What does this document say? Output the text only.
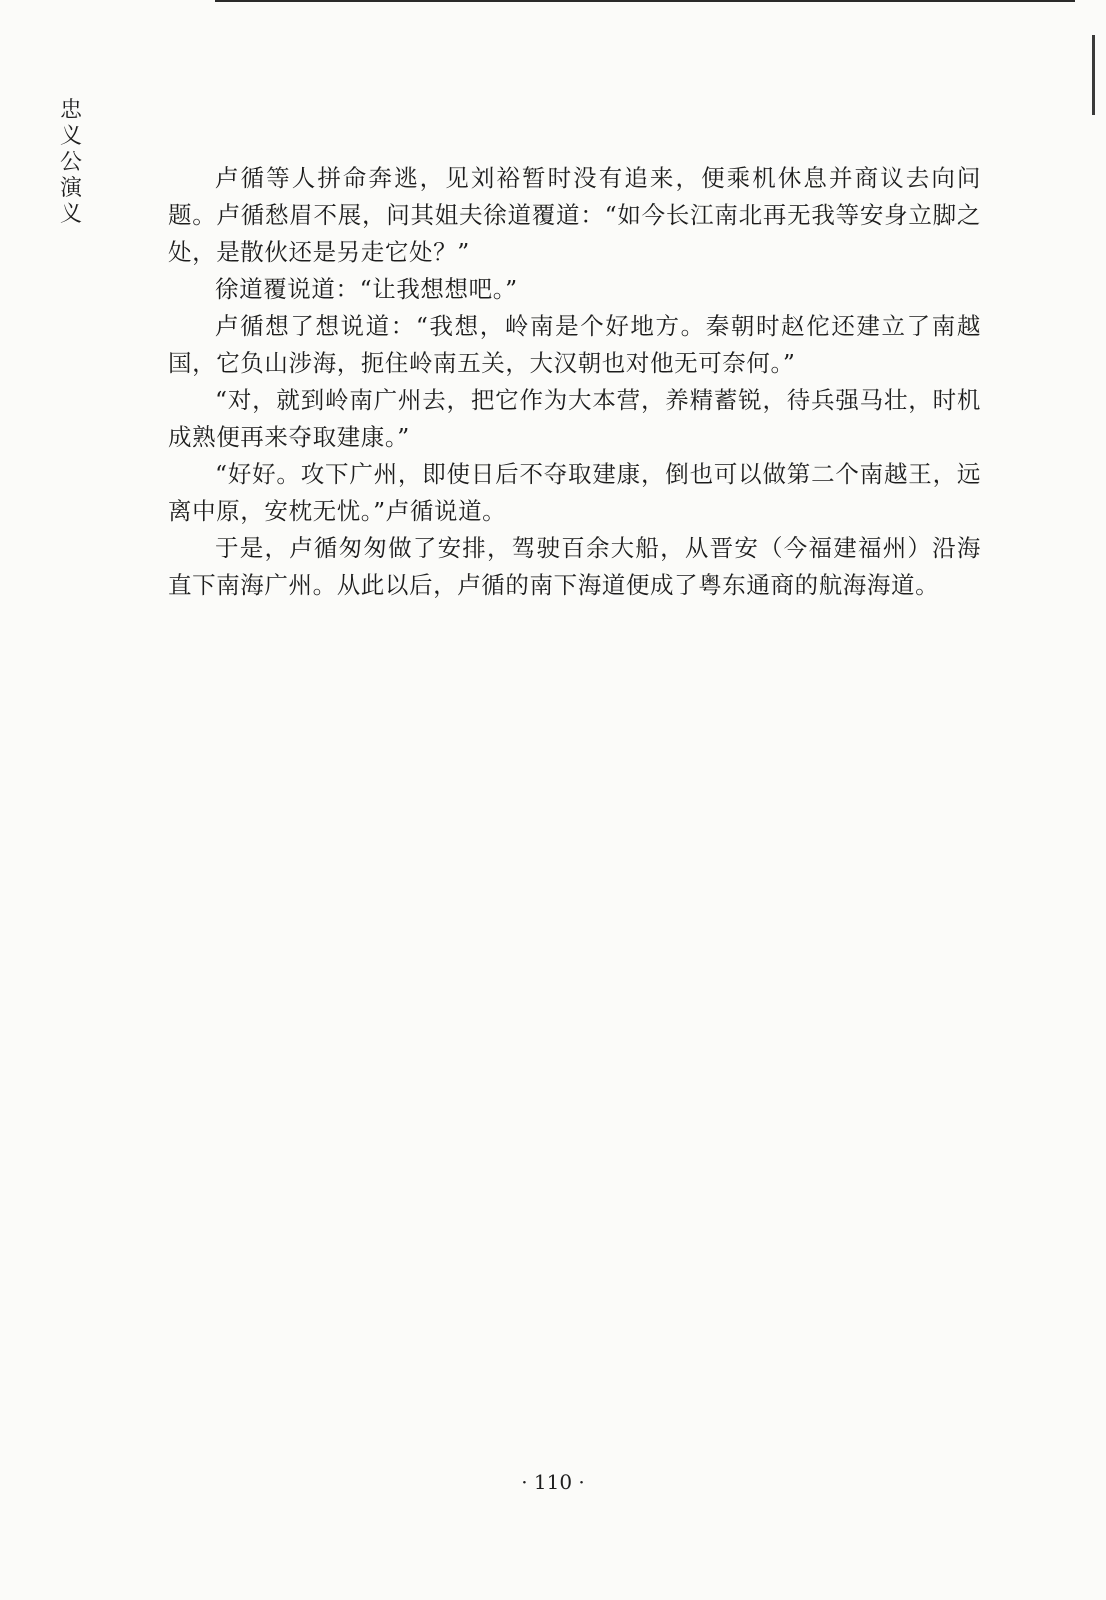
忠
义
公
演
义

卢循等人拼命奔逃，见刘裕暂时没有追来，便乘机休息并商议去向问题。卢循愁眉不展，问其姐夫徐道覆道：“如今长江南北再无我等安身立脚之处，是散伙还是另走它处？”

徐道覆说道：“让我想想吧。”

卢循想了想说道：“我想，岭南是个好地方。秦朝时赵佗还建立了南越国，它负山涉海，扼住岭南五关，大汉朝也对他无可奈何。”

“对，就到岭南广州去，把它作为大本营，养精蓄锐，待兵强马壮，时机成熟便再来夺取建康。”

“好好。攻下广州，即使日后不夺取建康，倒也可以做第二个南越王，远离中原，安枕无忧。”卢循说道。

于是，卢循匆匆做了安排，驾驶百余大船，从晋安（今福建福州）沿海直下南海广州。从此以后，卢循的南下海道便成了粤东通商的航海海道。

· 110 ·
